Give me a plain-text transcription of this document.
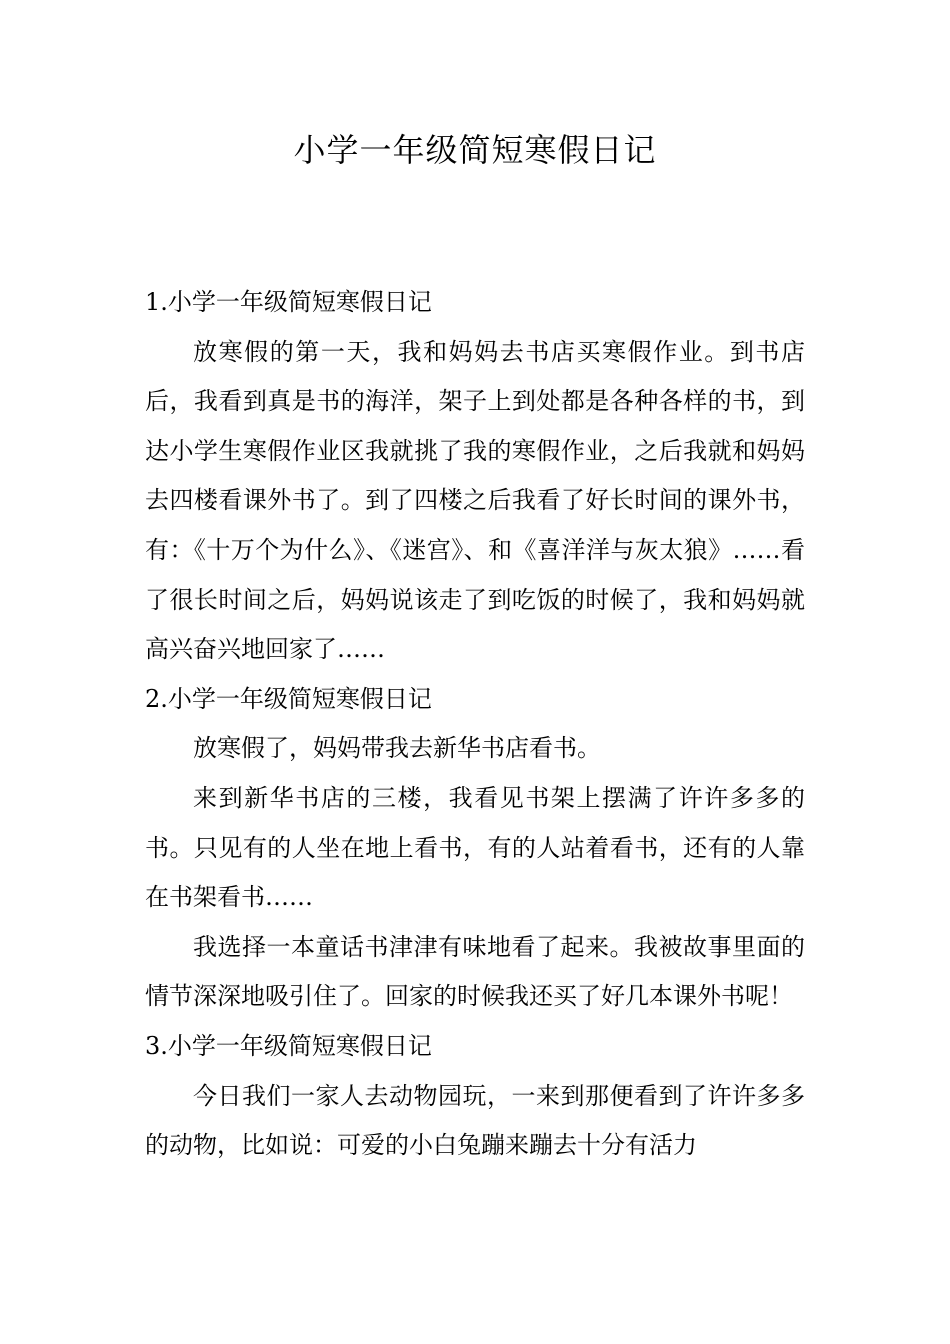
小学一年级简短寒假日记

1.小学一年级简短寒假日记

放寒假的第一天，我和妈妈去书店买寒假作业。到书店后，我看到真是书的海洋，架子上到处都是各种各样的书，到达小学生寒假作业区我就挑了我的寒假作业，之后我就和妈妈去四楼看课外书了。到了四楼之后我看了好长时间的课外书，有：《十万个为什么》、《迷宫》、和《喜洋洋与灰太狼》……看了很长时间之后，妈妈说该走了到吃饭的时候了，我和妈妈就高兴奋兴地回家了……

2.小学一年级简短寒假日记

放寒假了，妈妈带我去新华书店看书。

来到新华书店的三楼，我看见书架上摆满了许许多多的书。只见有的人坐在地上看书，有的人站着看书，还有的人靠在书架看书……

我选择一本童话书津津有味地看了起来。我被故事里面的情节深深地吸引住了。回家的时候我还买了好几本课外书呢！

3.小学一年级简短寒假日记

今日我们一家人去动物园玩，一来到那便看到了许许多多的动物，比如说：可爱的小白兔蹦来蹦去十分有活力
